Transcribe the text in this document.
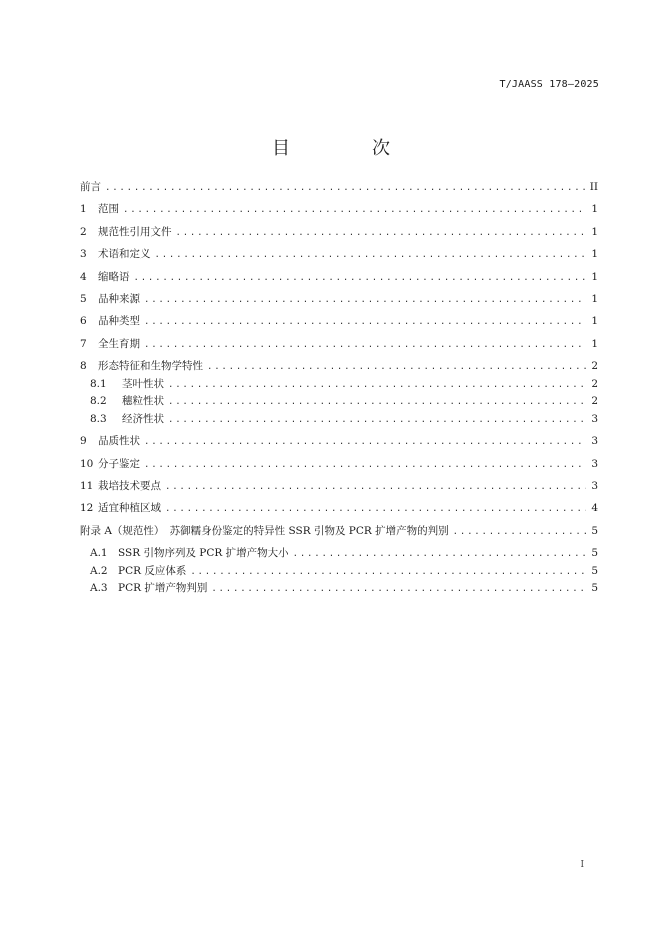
T/JAASS 178—2025
目　次
前言 .....	II
1 范围 .....	1
2 规范性引用文件 .....	1
3 术语和定义 .....	1
4 缩略语 .....	1
5 品种来源 .....	1
6 品种类型 .....	1
7 全生育期 .....	1
8 形态特征和生物学特性 .....	2
8.1	茎叶性状 .....	2
8.2	穗粒性状 .....	2
8.3	经济性状 .....	3
9 品质性状 .....	3
10 分子鉴定 .....	3
11 栽培技术要点 .....	3
12 适宜种植区域 .....	4
附录 A（规范性）　苏御糯身份鉴定的特异性 SSR 引物及 PCR 扩增产物的判别 .....	5
A.1 SSR 引物序列及 PCR 扩增产物大小 .....	5
A.2 PCR 反应体系 .....	5
A.3 PCR 扩增产物判别 .....	5
I
